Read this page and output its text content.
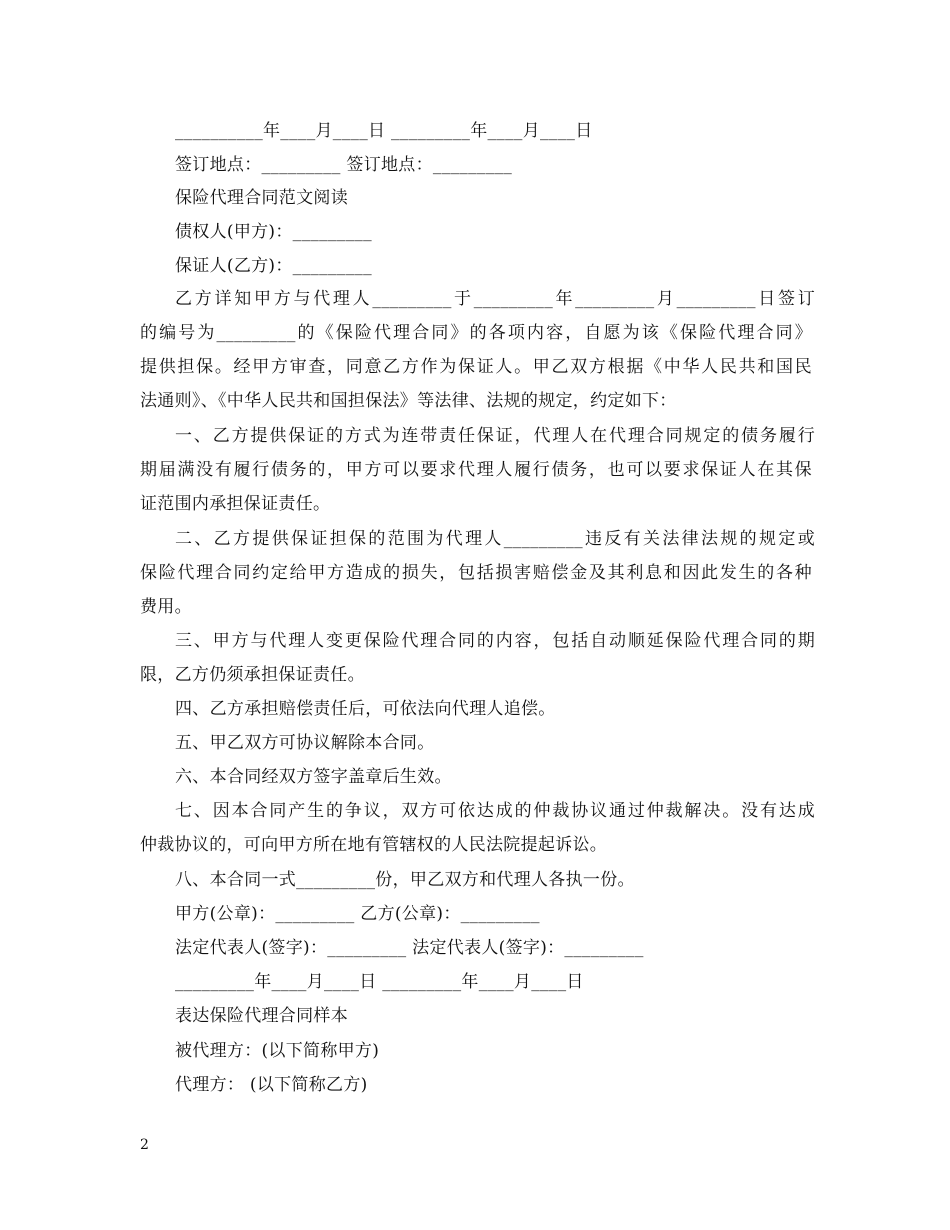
__________年____月____日 _________年____月____日
签订地点：_________ 签订地点：_________
保险代理合同范文阅读
债权人(甲方)：_________
保证人(乙方)：_________
乙方详知甲方与代理人_________于_________年_________月_________日签订
的编号为_________的《保险代理合同》的各项内容，自愿为该《保险代理合同》
提供担保。经甲方审查，同意乙方作为保证人。甲乙双方根据《中华人民共和国民
法通则》、《中华人民共和国担保法》等法律、法规的规定，约定如下：
一、乙方提供保证的方式为连带责任保证，代理人在代理合同规定的债务履行
期届满没有履行债务的，甲方可以要求代理人履行债务，也可以要求保证人在其保
证范围内承担保证责任。
二、乙方提供保证担保的范围为代理人_________违反有关法律法规的规定或
保险代理合同约定给甲方造成的损失，包括损害赔偿金及其利息和因此发生的各种
费用。
三、甲方与代理人变更保险代理合同的内容，包括自动顺延保险代理合同的期
限，乙方仍须承担保证责任。
四、乙方承担赔偿责任后，可依法向代理人追偿。
五、甲乙双方可协议解除本合同。
六、本合同经双方签字盖章后生效。
七、因本合同产生的争议，双方可依达成的仲裁协议通过仲裁解决。没有达成
仲裁协议的，可向甲方所在地有管辖权的人民法院提起诉讼。
八、本合同一式_________份，甲乙双方和代理人各执一份。
甲方(公章)：_________ 乙方(公章)：_________
法定代表人(签字)：_________ 法定代表人(签字)：_________
_________年____月____日 _________年____月____日
表达保险代理合同样本
被代理方：(以下简称甲方)
代理方： (以下简称乙方)
2
